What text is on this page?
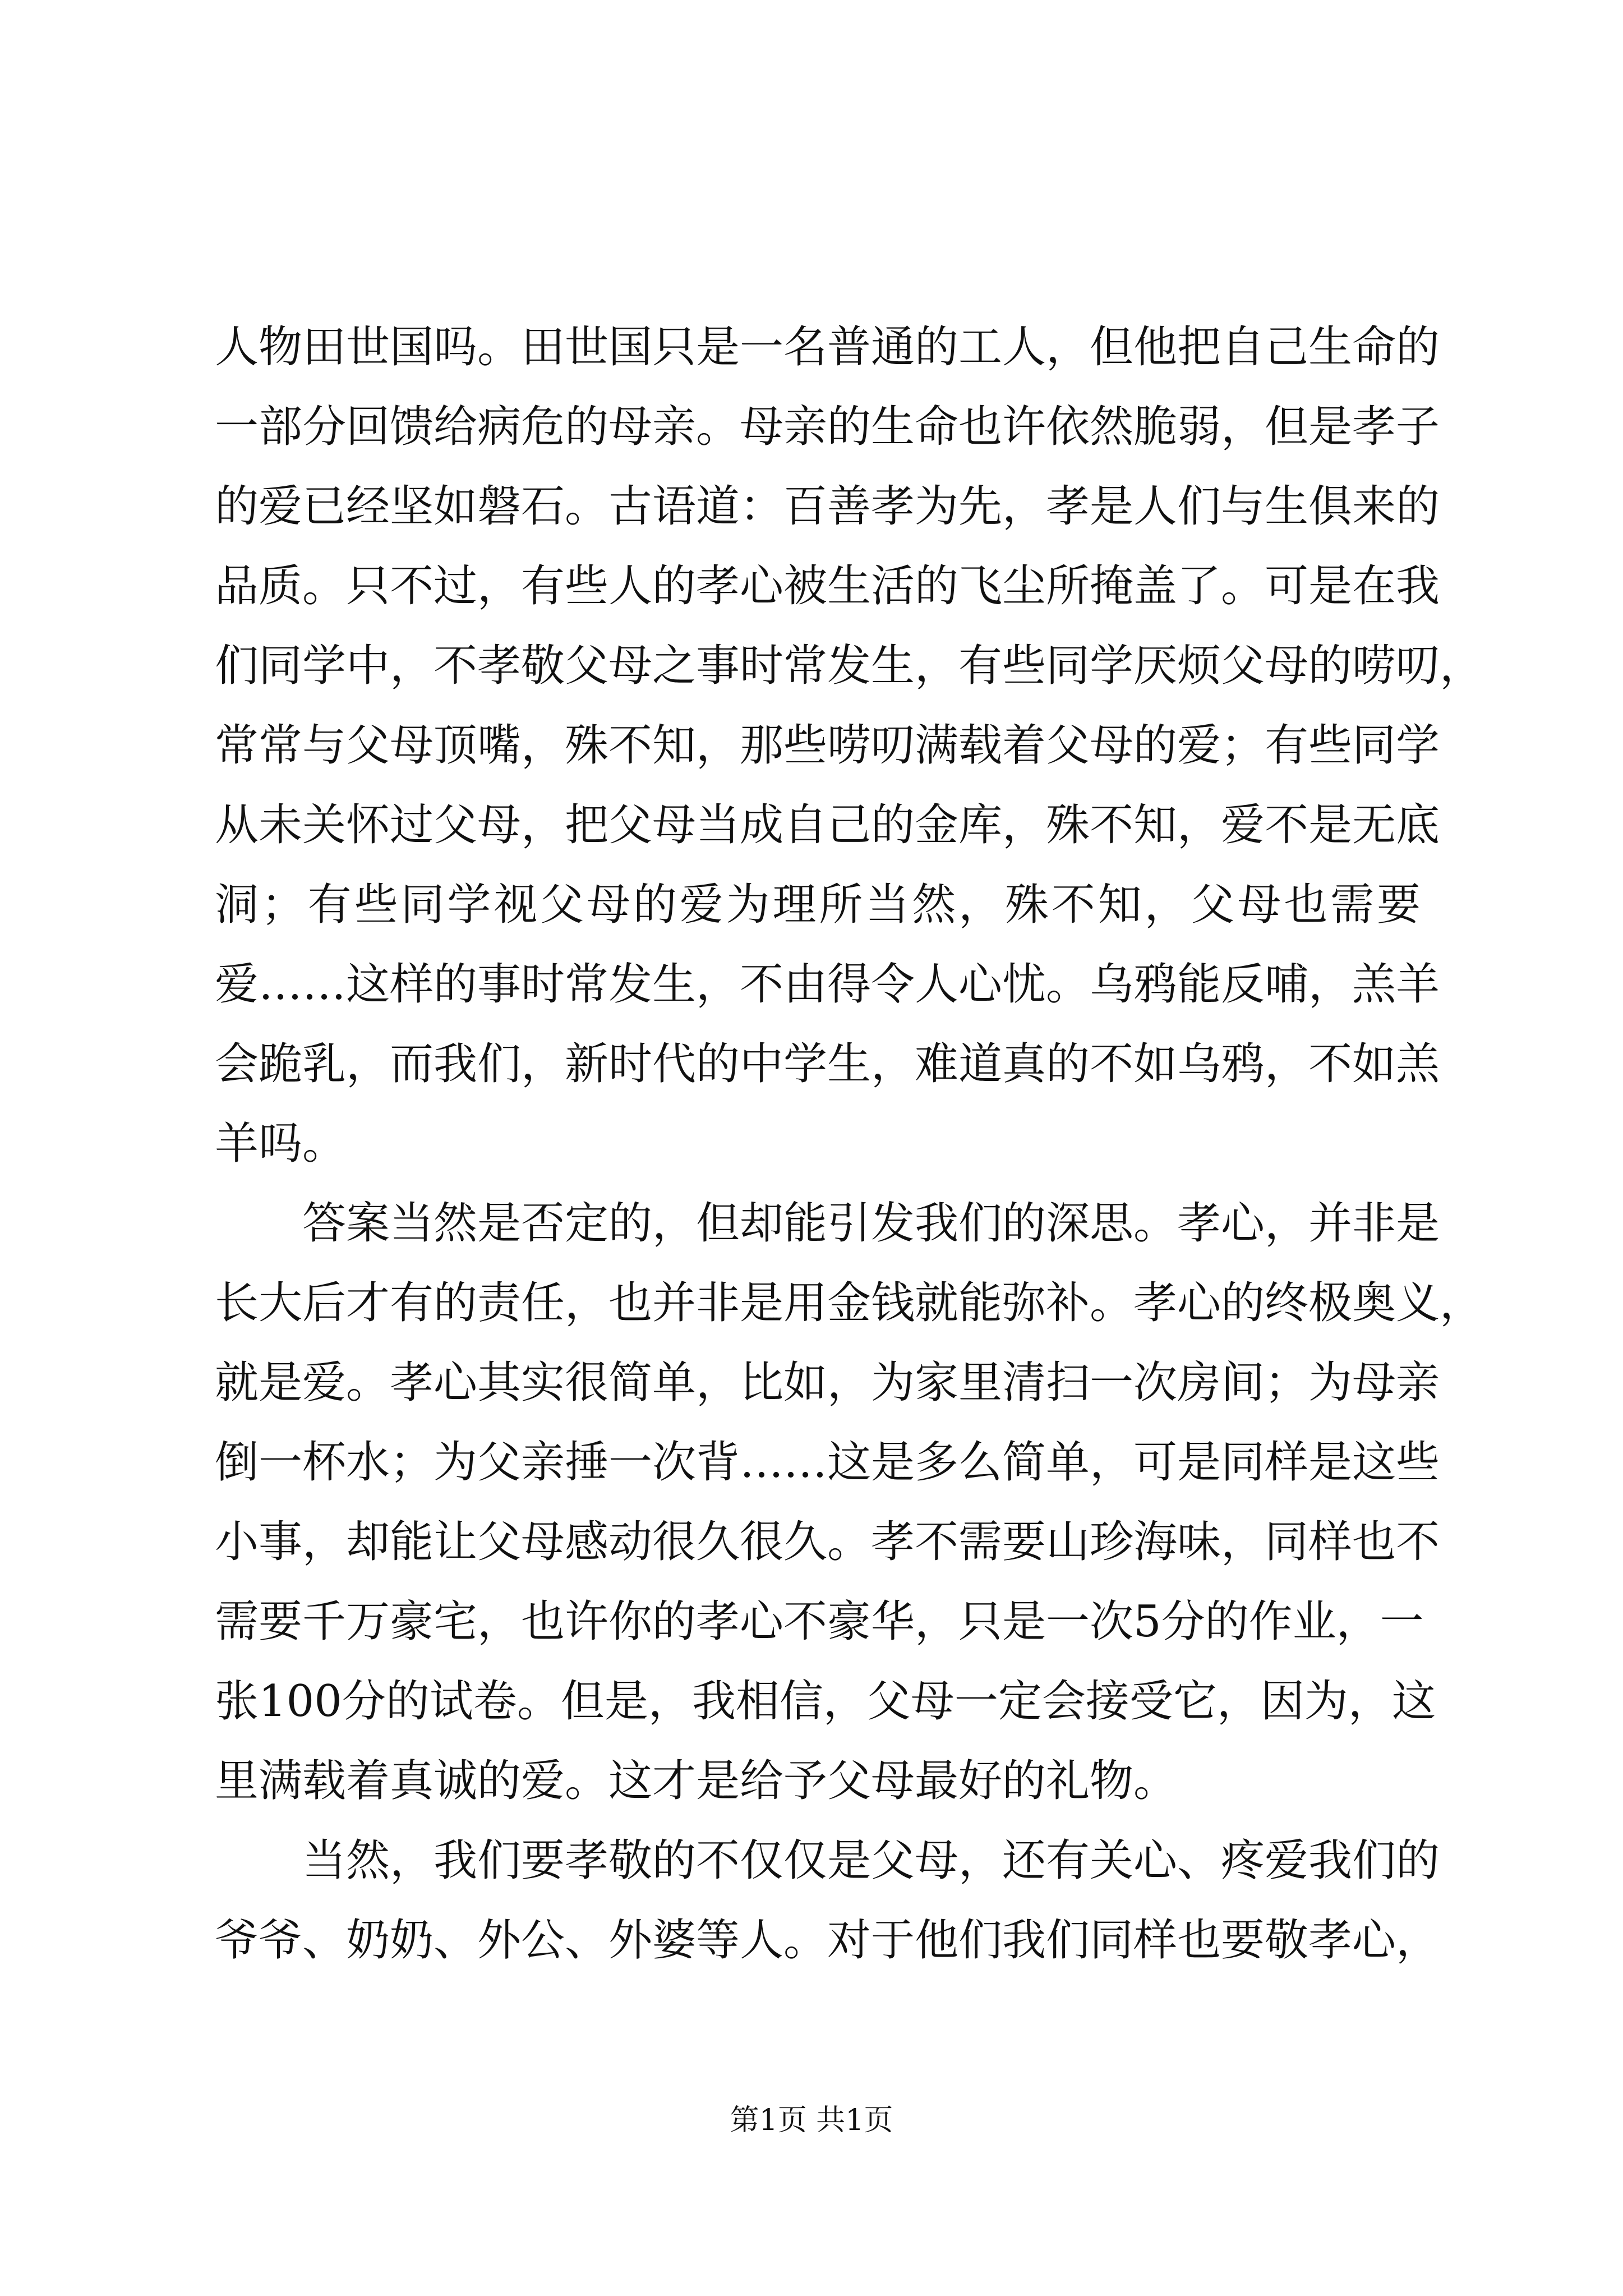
人物田世国吗。田世国只是一名普通的工人，但他把自己生命的
一部分回馈给病危的母亲。母亲的生命也许依然脆弱，但是孝子
的爱已经坚如磐石。古语道：百善孝为先，孝是人们与生俱来的
品质。只不过，有些人的孝心被生活的飞尘所掩盖了。可是在我
们同学中，不孝敬父母之事时常发生，有些同学厌烦父母的唠叨，
常常与父母顶嘴，殊不知，那些唠叨满载着父母的爱；有些同学
从未关怀过父母，把父母当成自己的金库，殊不知，爱不是无底
洞；有些同学视父母的爱为理所当然，殊不知，父母也需要
爱……这样的事时常发生，不由得令人心忧。乌鸦能反哺，羔羊
会跪乳，而我们，新时代的中学生，难道真的不如乌鸦，不如羔
羊吗。
　　答案当然是否定的，但却能引发我们的深思。孝心，并非是
长大后才有的责任，也并非是用金钱就能弥补。孝心的终极奥义，
就是爱。孝心其实很简单，比如，为家里清扫一次房间；为母亲
倒一杯水；为父亲捶一次背……这是多么简单，可是同样是这些
小事，却能让父母感动很久很久。孝不需要山珍海味，同样也不
需要千万豪宅，也许你的孝心不豪华，只是一次5分的作业，一
张100分的试卷。但是，我相信，父母一定会接受它，因为，这
里满载着真诚的爱。这才是给予父母最好的礼物。
　　当然，我们要孝敬的不仅仅是父母，还有关心、疼爱我们的
爷爷、奶奶、外公、外婆等人。对于他们我们同样也要敬孝心，
第1页 共1页
